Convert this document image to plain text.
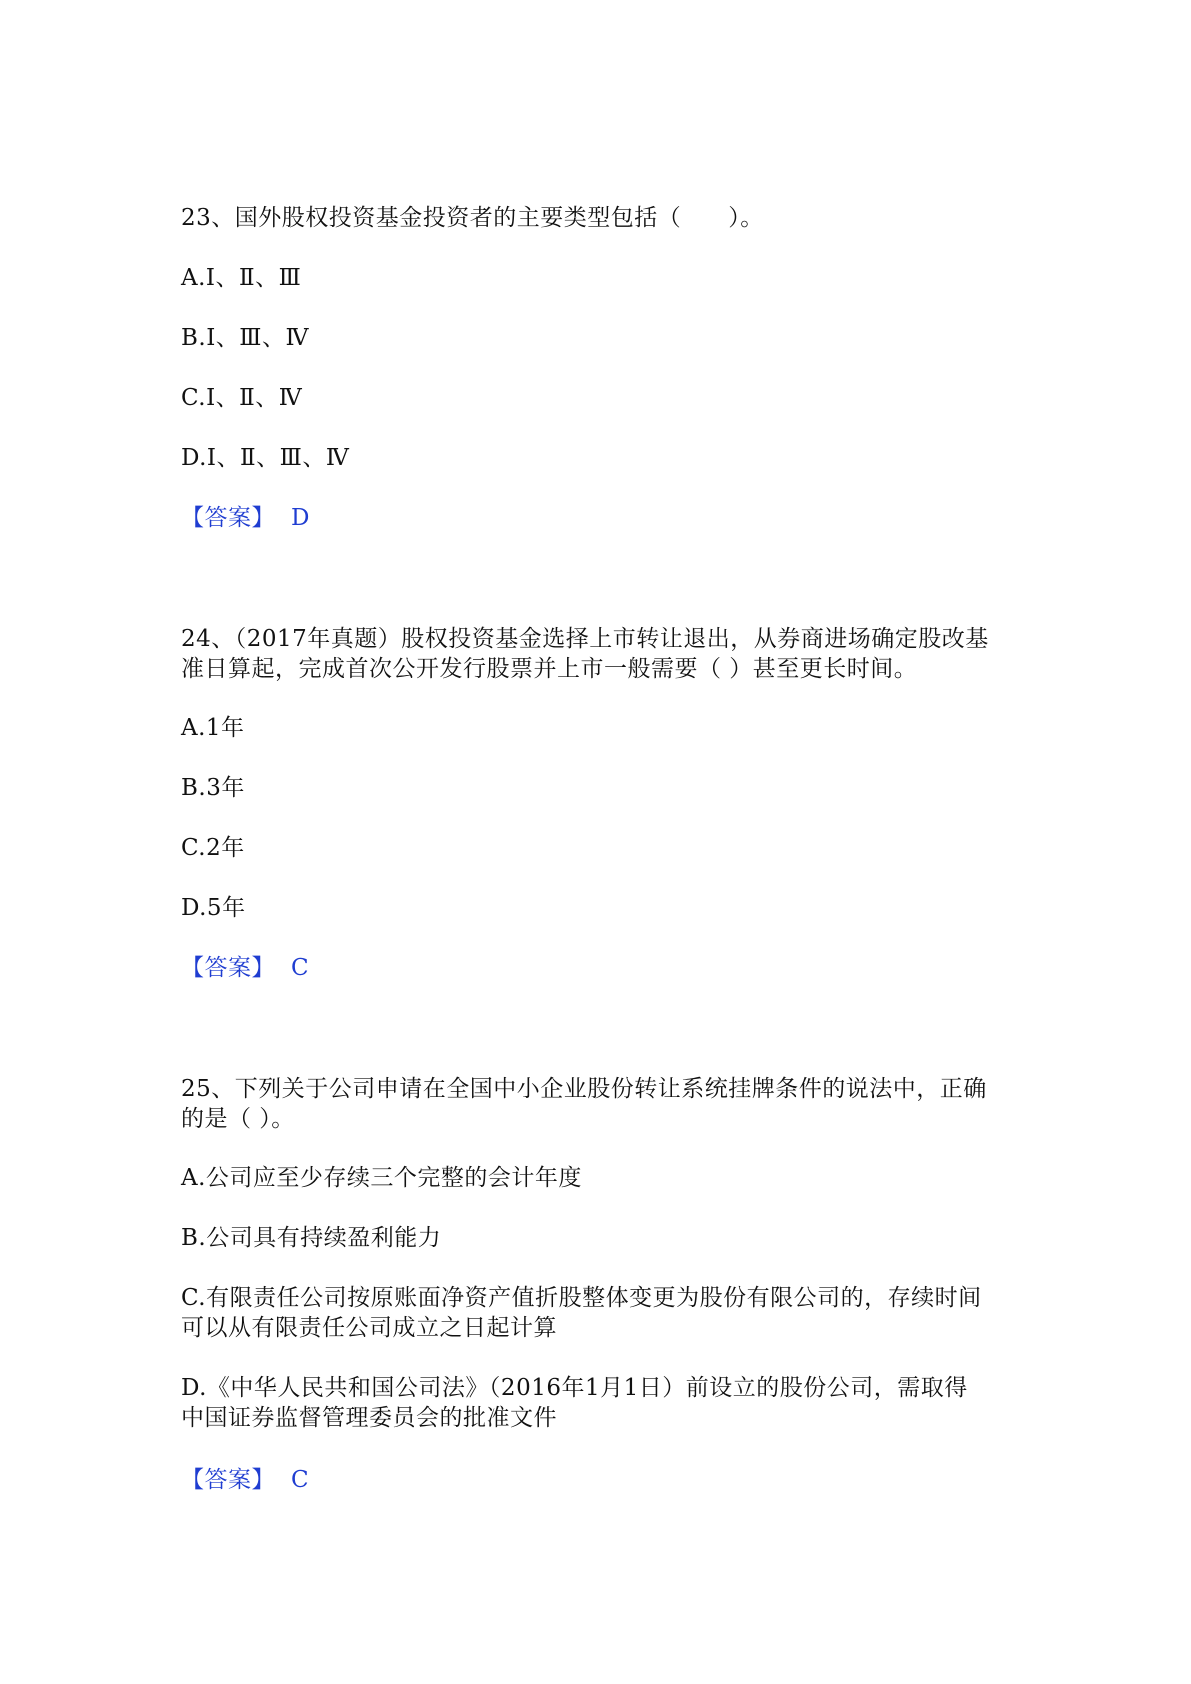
23、国外股权投资基金投资者的主要类型包括（　　）。
A.Ⅰ、Ⅱ、Ⅲ
B.Ⅰ、Ⅲ、Ⅳ
C.Ⅰ、Ⅱ、Ⅳ
D.Ⅰ、Ⅱ、Ⅲ、Ⅳ
【答案】 D
24、（2017年真题）股权投资基金选择上市转让退出，从券商进场确定股改基
准日算起，完成首次公开发行股票并上市一般需要（ ）甚至更长时间。
A.1年
B.3年
C.2年
D.5年
【答案】 C
25、下列关于公司申请在全国中小企业股份转让系统挂牌条件的说法中，正确
的是（ ）。
A.公司应至少存续三个完整的会计年度
B.公司具有持续盈利能力
C.有限责任公司按原账面净资产值折股整体变更为股份有限公司的，存续时间
可以从有限责任公司成立之日起计算
D.《中华人民共和国公司法》（2016年1月1日）前设立的股份公司，需取得
中国证券监督管理委员会的批准文件
【答案】 C
